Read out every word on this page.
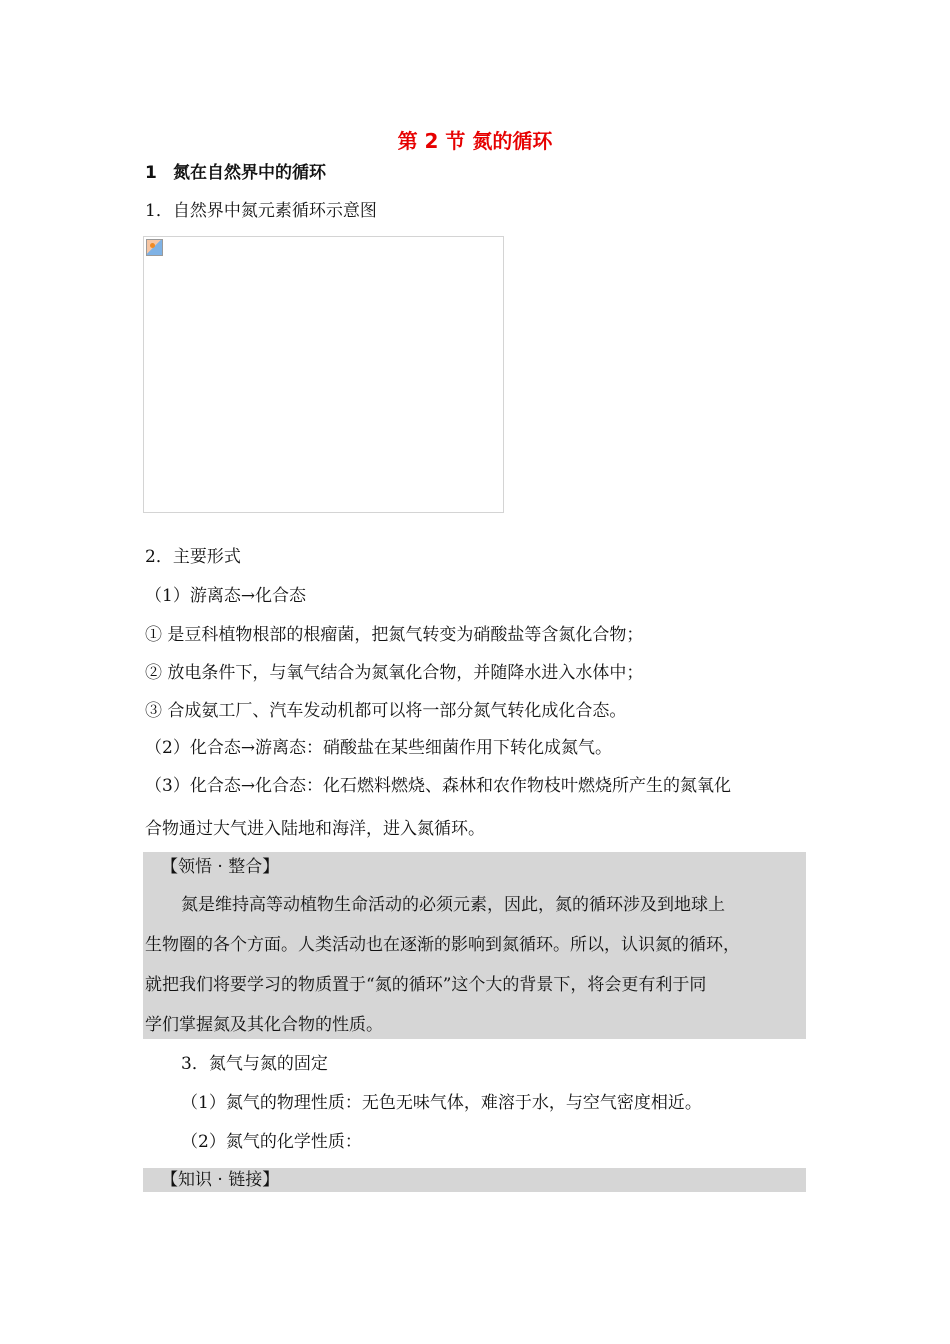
第 2 节 氮的循环
1 氮在自然界中的循环
1．自然界中氮元素循环示意图
2．主要形式
（1）游离态→化合态
① 是豆科植物根部的根瘤菌，把氮气转变为硝酸盐等含氮化合物；
② 放电条件下，与氧气结合为氮氧化合物，并随降水进入水体中；
③ 合成氨工厂、汽车发动机都可以将一部分氮气转化成化合态。
（2）化合态→游离态：硝酸盐在某些细菌作用下转化成氮气。
（3）化合态→化合态：化石燃料燃烧、森林和农作物枝叶燃烧所产生的氮氧化
合物通过大气进入陆地和海洋，进入氮循环。
【领悟 · 整合】
氮是维持高等动植物生命活动的必须元素，因此，氮的循环涉及到地球上
生物圈的各个方面。人类活动也在逐渐的影响到氮循环。所以，认识氮的循环，
就把我们将要学习的物质置于“氮的循环”这个大的背景下，将会更有利于同
学们掌握氮及其化合物的性质。
3．氮气与氮的固定
（1）氮气的物理性质：无色无味气体，难溶于水，与空气密度相近。
（2）氮气的化学性质：
【知识 · 链接】
